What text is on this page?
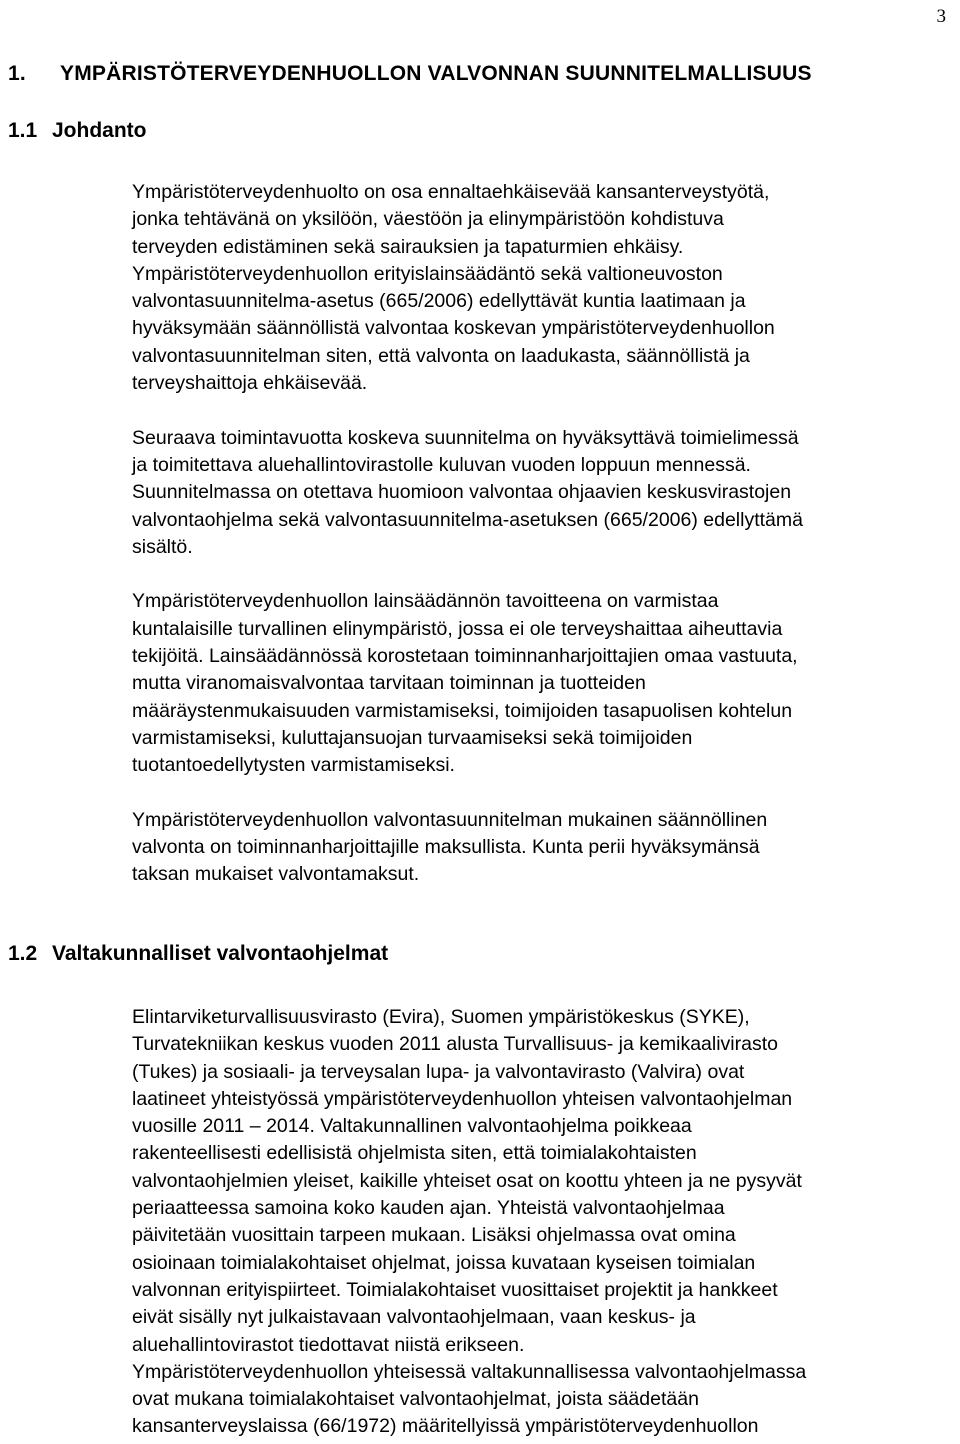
3
1. YMPÄRISTÖTERVEYDENHUOLLON VALVONNAN SUUNNITELMALLISUUS
1.1 Johdanto

Ympäristöterveydenhuolto on osa ennaltaehkäisevää kansanterveystyötä,

jonka tehtävänä on yksilöön, väestöön ja elinympäristöön kohdistuva

terveyden edistäminen sekä sairauksien ja tapaturmien ehkäisy.

Ympäristöterveydenhuollon erityislainsäädäntö sekä valtioneuvoston

valvontasuunnitelma-asetus (665/2006) edellyttävät kuntia laatimaan ja

hyväksymään säännöllistä valvontaa koskevan ympäristöterveydenhuollon

valvontasuunnitelman siten, että valvonta on laadukasta, säännöllistä ja

terveyshaittoja ehkäisevää.

Seuraava toimintavuotta koskeva suunnitelma on hyväksyttävä toimielimessä

ja toimitettava aluehallintovirastolle kuluvan vuoden loppuun mennessä.

Suunnitelmassa on otettava huomioon valvontaa ohjaavien keskusvirastojen

valvontaohjelma sekä valvontasuunnitelma-asetuksen (665/2006) edellyttämä

sisältö.

Ympäristöterveydenhuollon lainsäädännön tavoitteena on varmistaa

kuntalaisille turvallinen elinympäristö, jossa ei ole terveyshaittaa aiheuttavia

tekijöitä. Lainsäädännössä korostetaan toiminnanharjoittajien omaa vastuuta,

mutta viranomaisvalvontaa tarvitaan toiminnan ja tuotteiden

määräystenmukaisuuden varmistamiseksi, toimijoiden tasapuolisen kohtelun

varmistamiseksi, kuluttajansuojan turvaamiseksi sekä toimijoiden

tuotantoedellytysten varmistamiseksi.

Ympäristöterveydenhuollon valvontasuunnitelman mukainen säännöllinen

valvonta on toiminnanharjoittajille maksullista. Kunta perii hyväksymänsä

taksan mukaiset valvontamaksut.

1.2 Valtakunnalliset valvontaohjelmat

Elintarviketurvallisuusvirasto (Evira), Suomen ympäristökeskus (SYKE),

Turvatekniikan keskus vuoden 2011 alusta Turvallisuus- ja kemikaalivirasto

(Tukes) ja sosiaali- ja terveysalan lupa- ja valvontavirasto (Valvira) ovat

laatineet yhteistyössä ympäristöterveydenhuollon yhteisen valvontaohjelman

vuosille 2011 – 2014. Valtakunnallinen valvontaohjelma poikkeaa

rakenteellisesti edellisistä ohjelmista siten, että toimialakohtaisten

valvontaohjelmien yleiset, kaikille yhteiset osat on koottu yhteen ja ne pysyvät

periaatteessa samoina koko kauden ajan. Yhteistä valvontaohjelmaa

päivitetään vuosittain tarpeen mukaan. Lisäksi ohjelmassa ovat omina

osioinaan toimialakohtaiset ohjelmat, joissa kuvataan kyseisen toimialan

valvonnan erityispiirteet. Toimialakohtaiset vuosittaiset projektit ja hankkeet

eivät sisälly nyt julkaistavaan valvontaohjelmaan, vaan keskus- ja

aluehallintovirastot tiedottavat niistä erikseen.

Ympäristöterveydenhuollon yhteisessä valtakunnallisessa valvontaohjelmassa

ovat mukana toimialakohtaiset valvontaohjelmat, joista säädetään

kansanterveyslaissa (66/1972) määritellyissä ympäristöterveydenhuollon
